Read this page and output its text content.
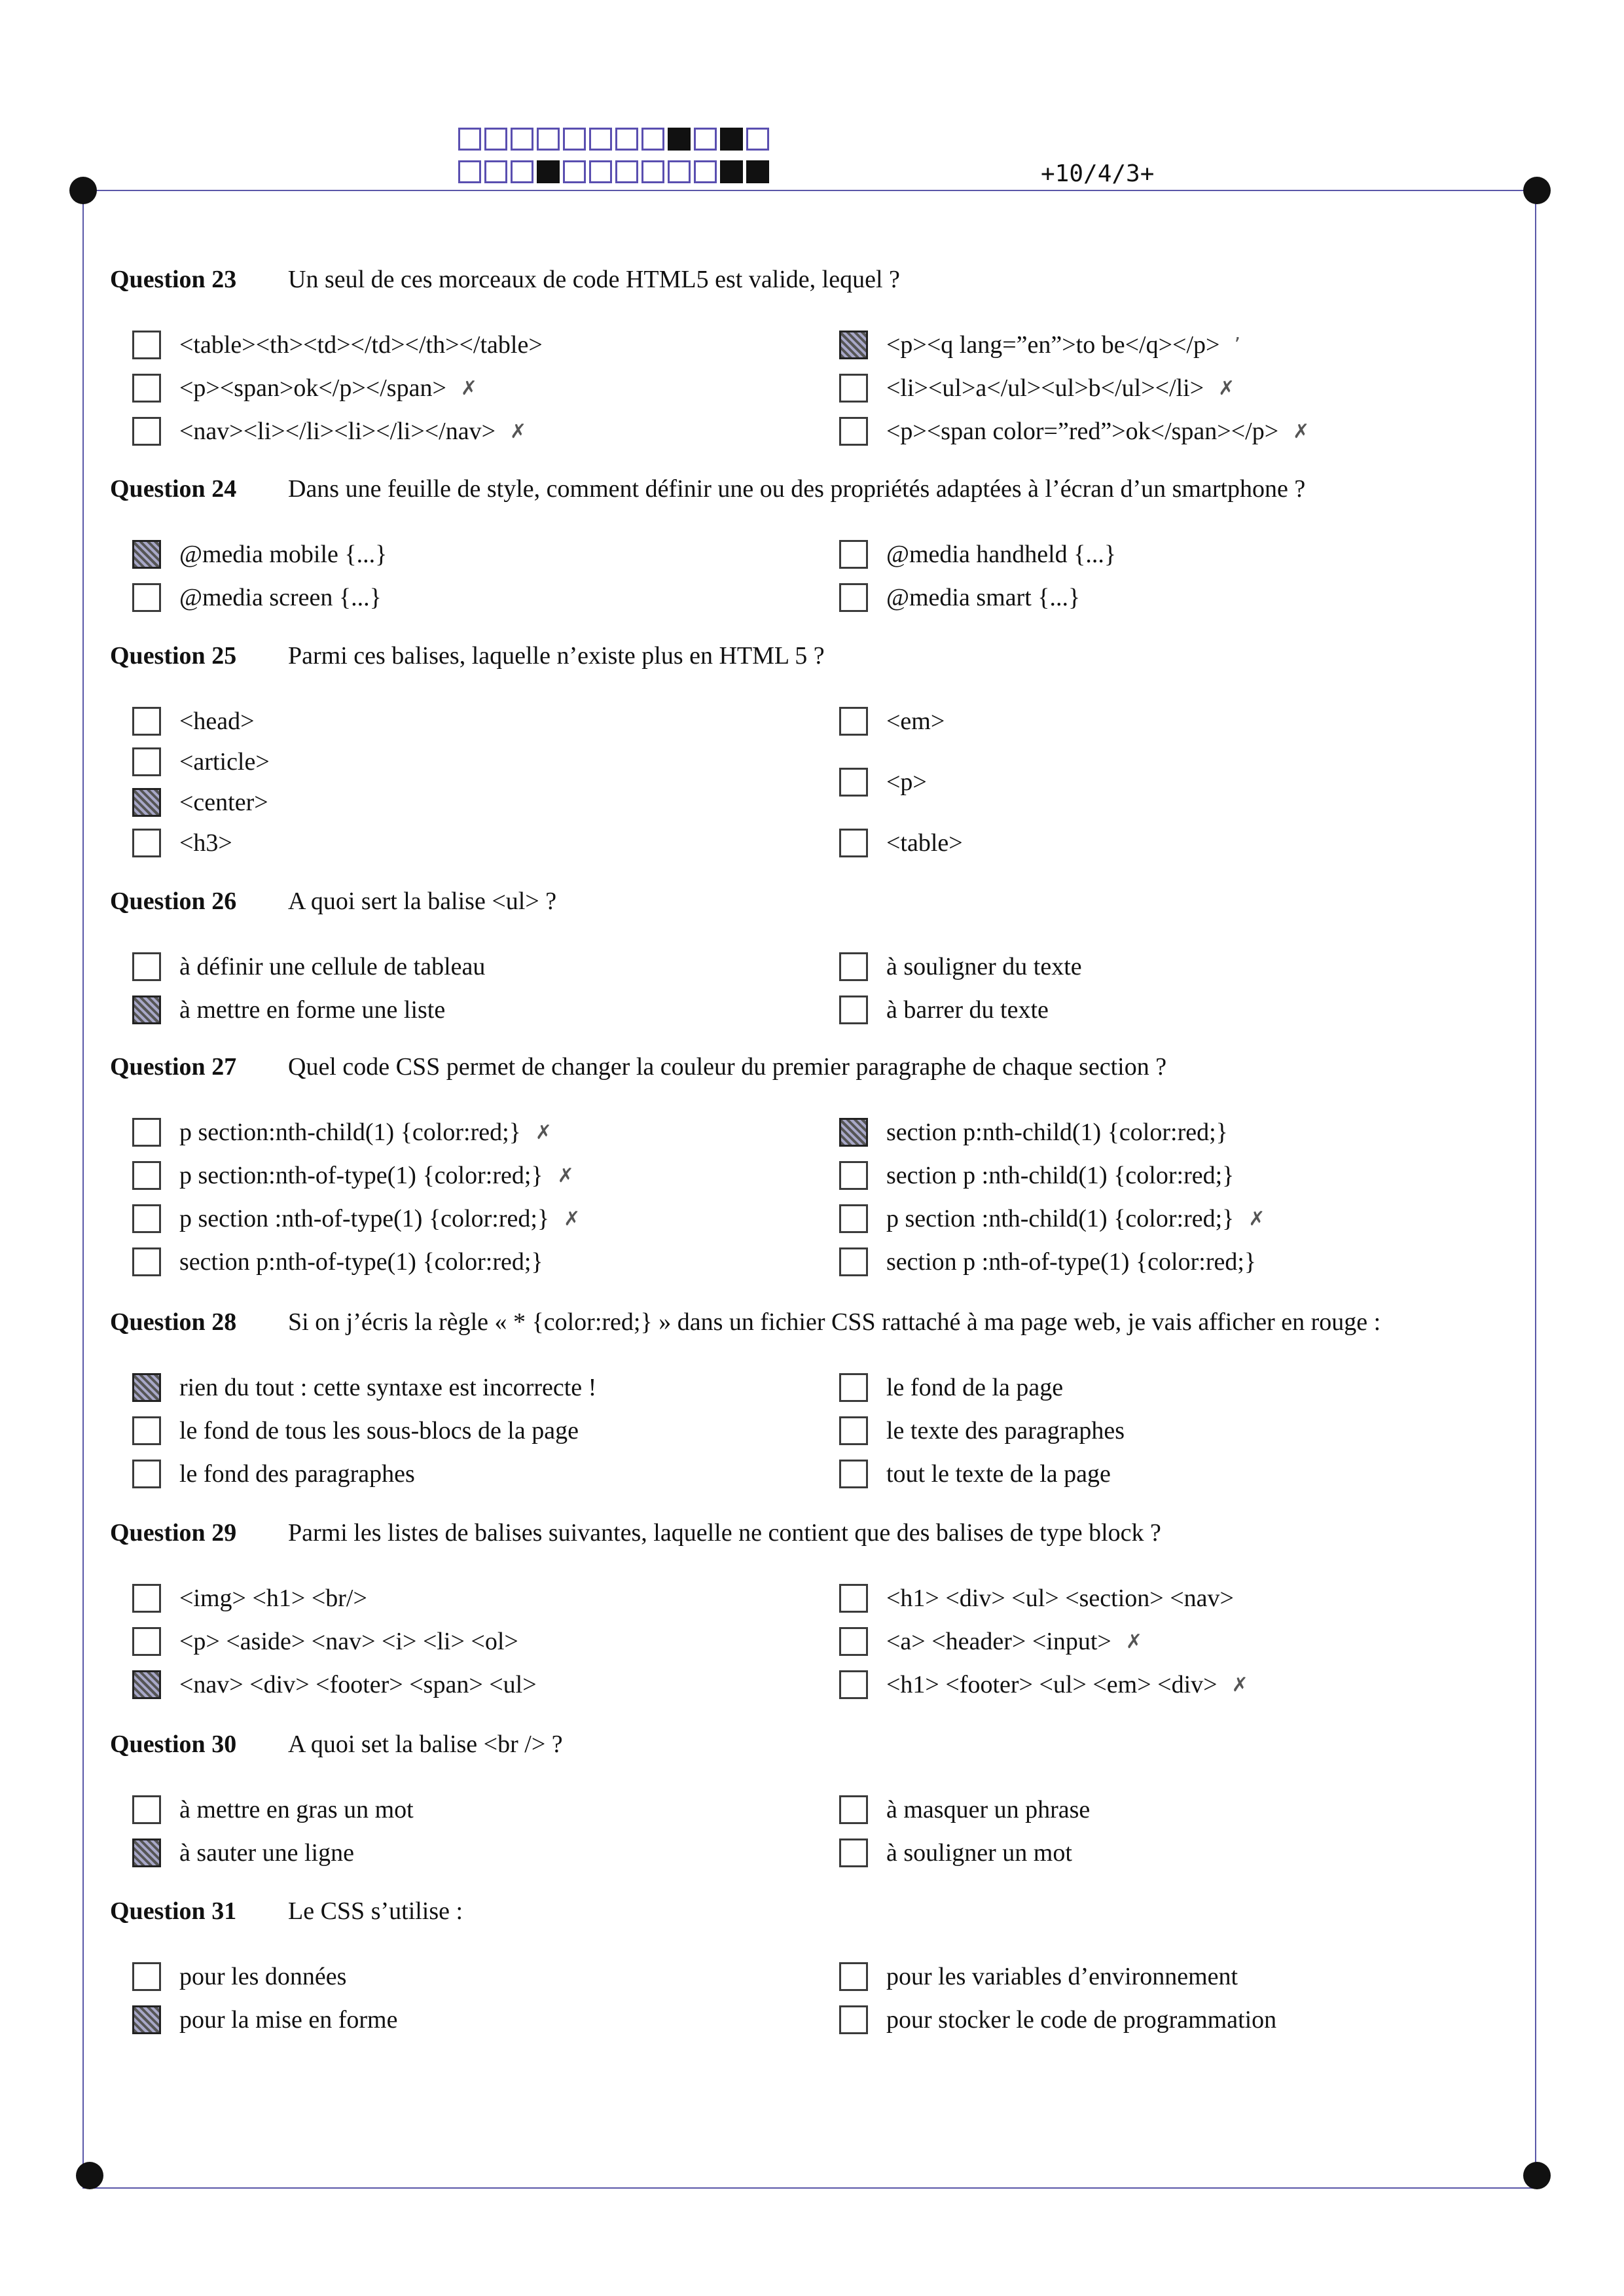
+10/4/3+
Question 23 Un seul de ces morceaux de code HTML5 est valide, lequel ?
<table><th><td></td></th></table>
<p><span>ok</p></span> ✗
<nav><li></li><li></li></nav> ✗
<p><q lang=”en”>to be</q></p> ʼ
<li><ul>a</ul><ul>b</ul></li> ✗
<p><span color=”red”>ok</span></p> ✗
Question 24 Dans une feuille de style, comment définir une ou des propriétés adaptées à l’écran d’un smartphone ?
@media mobile {...}
@media screen {...}
@media handheld {...}
@media smart {...}
Question 25 Parmi ces balises, laquelle n’existe plus en HTML 5 ?
<head>
<article>
<center>
<h3>
<em>
<p>
<table>
Question 26 A quoi sert la balise <ul> ?
à définir une cellule de tableau
à mettre en forme une liste
à souligner du texte
à barrer du texte
Question 27 Quel code CSS permet de changer la couleur du premier paragraphe de chaque section ?
p section:nth-child(1) {color:red;} ✗
p section:nth-of-type(1) {color:red;} ✗
p section :nth-of-type(1) {color:red;} ✗
section p:nth-of-type(1) {color:red;}
section p:nth-child(1) {color:red;}
section p :nth-child(1) {color:red;}
p section :nth-child(1) {color:red;} ✗
section p :nth-of-type(1) {color:red;}
Question 28 Si on j’écris la règle « * {color:red;} » dans un fichier CSS rattaché à ma page web, je vais afficher en rouge :
rien du tout : cette syntaxe est incorrecte !
le fond de tous les sous-blocs de la page
le fond des paragraphes
le fond de la page
le texte des paragraphes
tout le texte de la page
Question 29 Parmi les listes de balises suivantes, laquelle ne contient que des balises de type block ?
<img> <h1> <br/>
<p> <aside> <nav> <i> <li> <ol>
<nav> <div> <footer> <span> <ul>
<h1> <div> <ul> <section> <nav>
<a> <header> <input> ✗
<h1> <footer> <ul> <em> <div> ✗
Question 30 A quoi set la balise <br /> ?
à mettre en gras un mot
à sauter une ligne
à masquer un phrase
à souligner un mot
Question 31 Le CSS s’utilise :
pour les données
pour la mise en forme
pour les variables d’environnement
pour stocker le code de programmation
